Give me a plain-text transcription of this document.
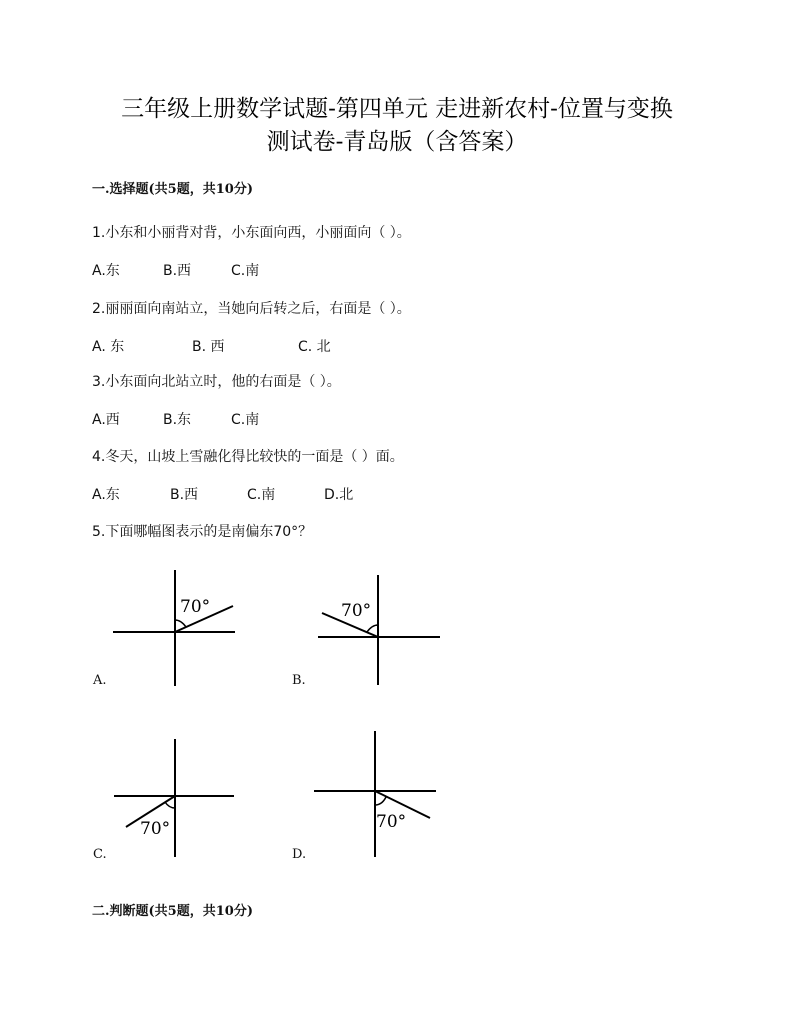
三年级上册数学试题-第四单元 走进新农村-位置与变换
测试卷-青岛版（含答案）
一.选择题(共5题，共10分)
1.小东和小丽背对背，小东面向西，小丽面向（ ）。
A.东	B.西	C.南
2.丽丽面向南站立，当她向后转之后，右面是（ ）。
A. 东	B. 西	C. 北
3.小东面向北站立时，他的右面是（ ）。
A.西	B.东	C.南
4.冬天，山坡上雪融化得比较快的一面是（ ）面。
A.东	B.西	C.南	D.北
5.下面哪幅图表示的是南偏东70°？
70°
A.
70°
B.
70°
C.
70°
D.
二.判断题(共5题，共10分)
